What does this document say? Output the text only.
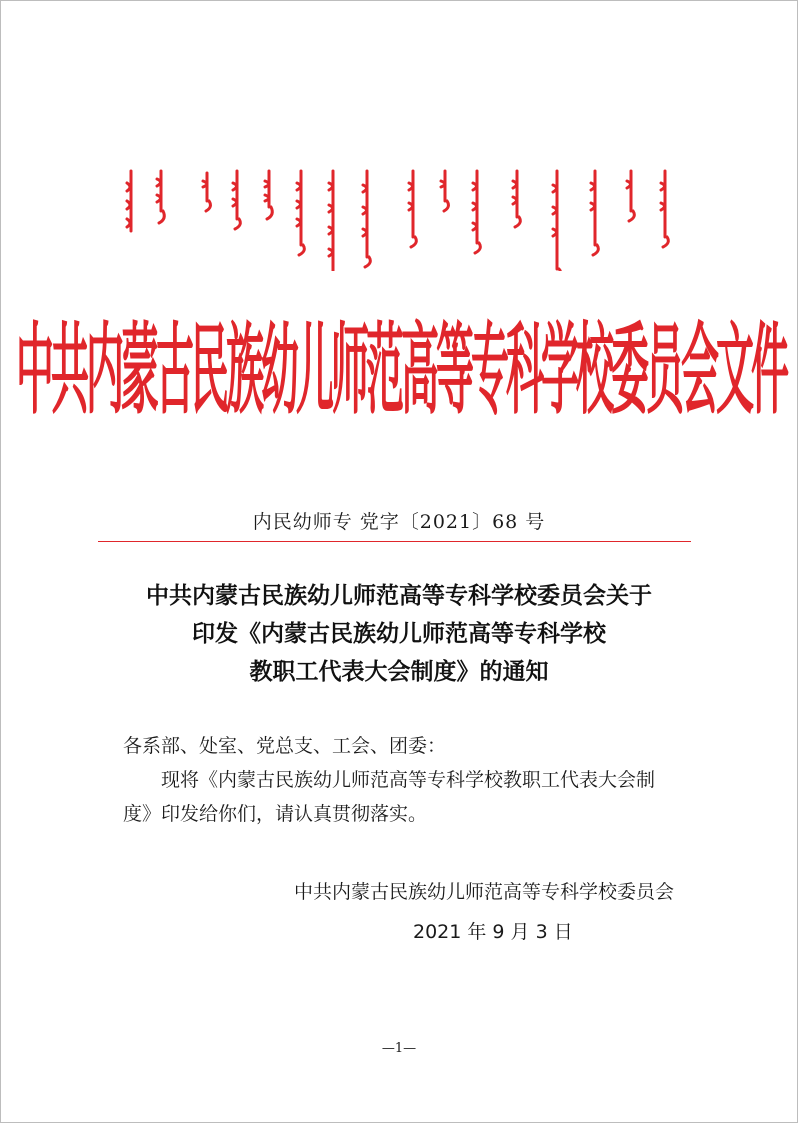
中共内蒙古民族幼儿师范高等专科学校委员会文件
内民幼师专 党字〔2021〕68 号
中共内蒙古民族幼儿师范高等专科学校委员会关于
印发《内蒙古民族幼儿师范高等专科学校
教职工代表大会制度》的通知
各系部、处室、党总支、工会、团委：
现将《内蒙古民族幼儿师范高等专科学校教职工代表大会制度》印发给你们，请认真贯彻落实。
中共内蒙古民族幼儿师范高等专科学校委员会
2021 年 9 月 3 日
—1—
